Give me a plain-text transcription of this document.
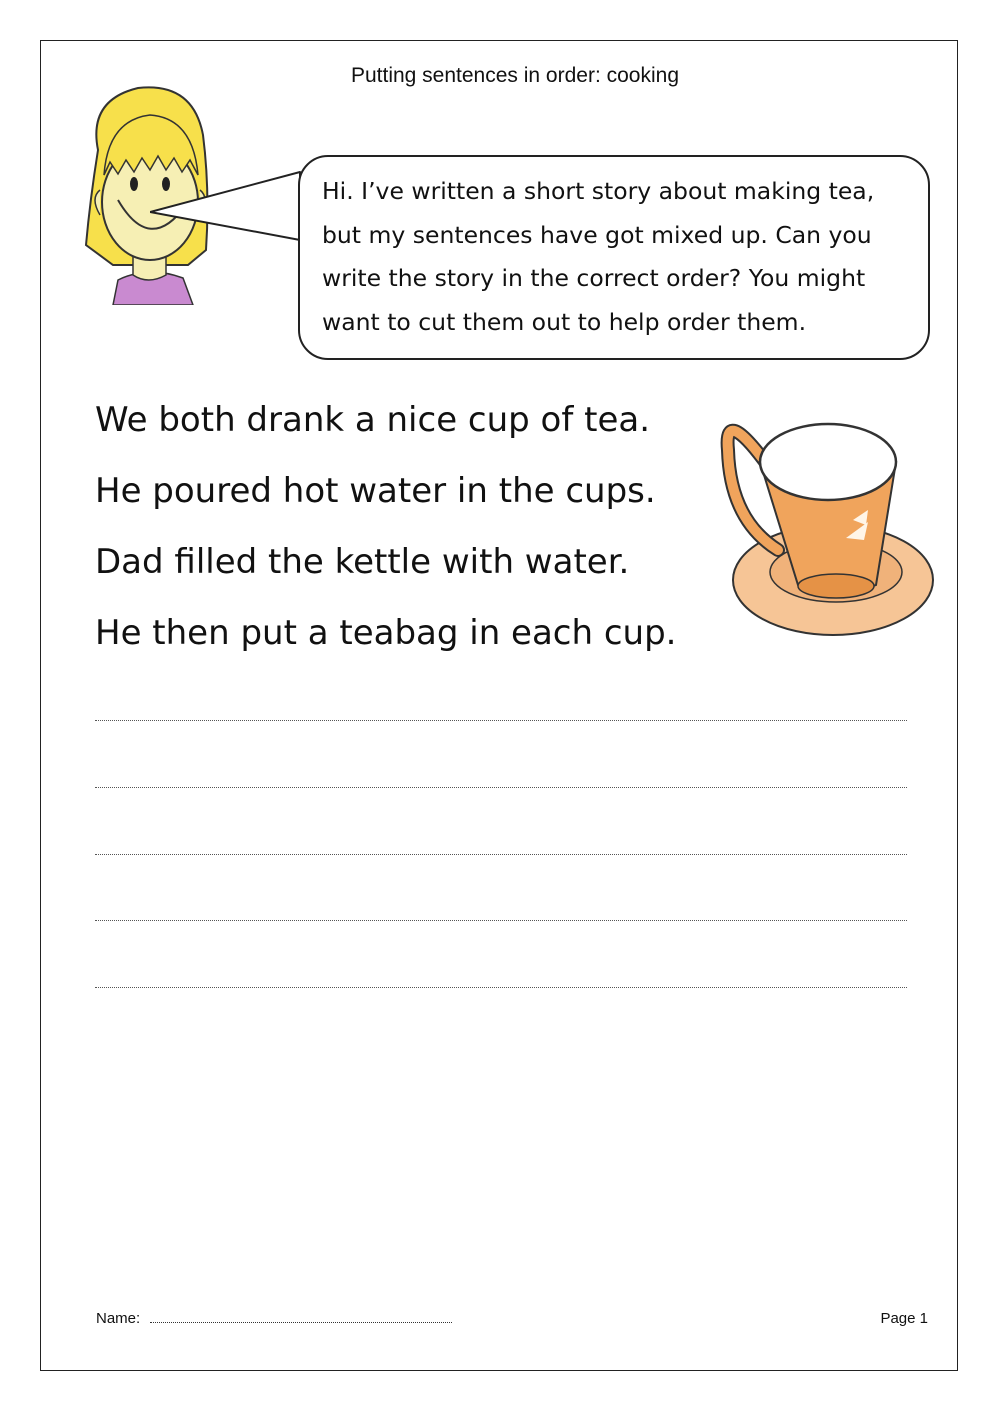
Putting sentences in order: cooking
Hi. I’ve written a short story about making tea,
but my sentences have got mixed up. Can you
write the story in the correct order? You might
want to cut them out to help order them.
We both drank a nice cup of tea.
He poured hot water in the cups.
Dad filled the kettle with water.
He then put a teabag in each cup.
Name:	Page 1
